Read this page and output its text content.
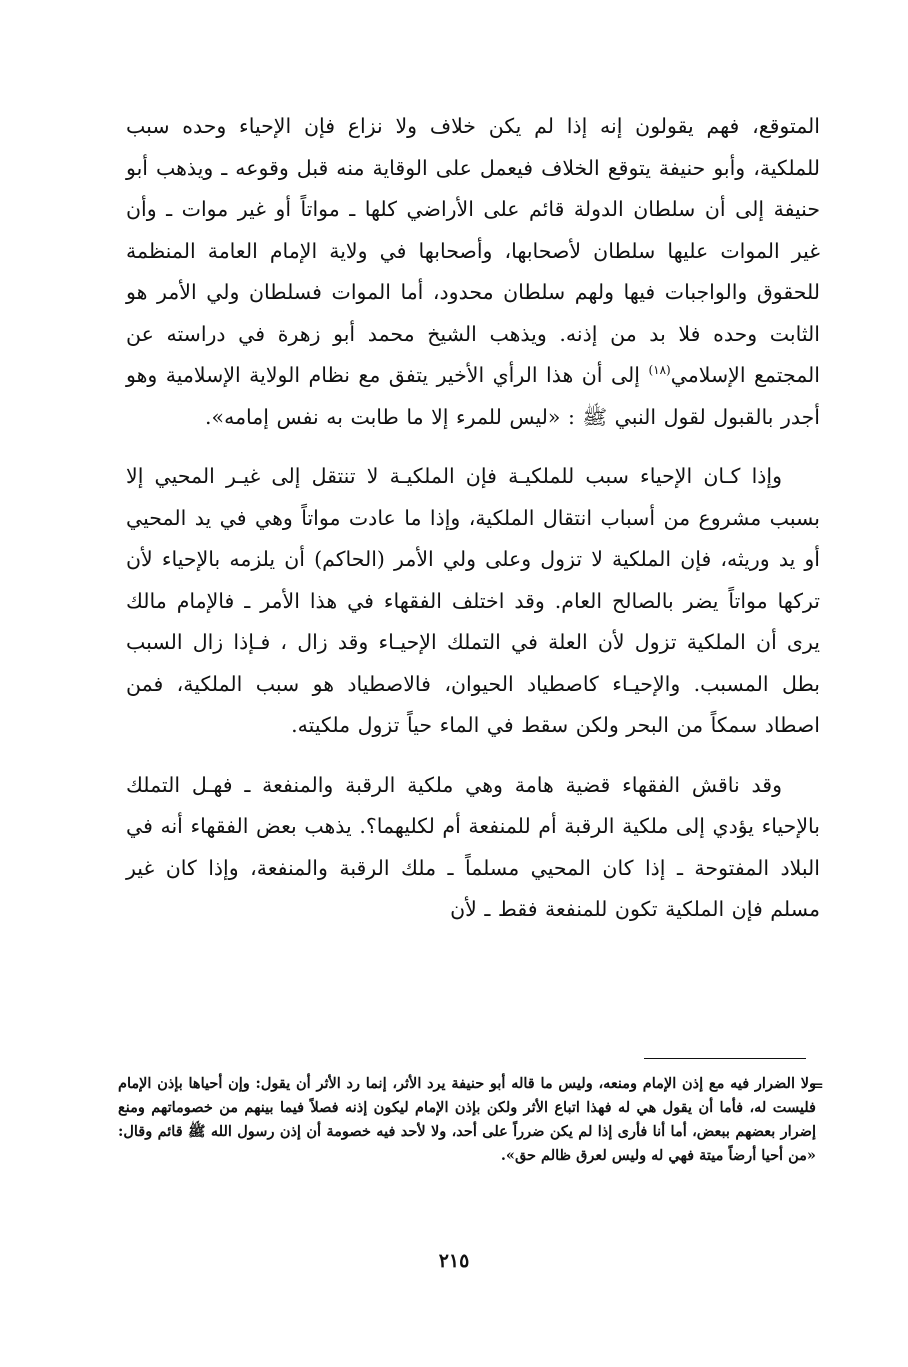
المتوقع، فهم يقولون إنه إذا لم يكن خلاف ولا نزاع فإن الإحياء وحده سبب للملكية، وأبو حنيفة يتوقع الخلاف فيعمل على الوقاية منه قبل وقوعه ـ ويذهب أبو حنيفة إلى أن سلطان الدولة قائم على الأراضي كلها ـ مواتاً أو غير موات ـ وأن غير الموات عليها سلطان لأصحابها، وأصحابها في ولاية الإمام العامة المنظمة للحقوق والواجبات فيها ولهم سلطان محدود، أما الموات فسلطان ولي الأمر هو الثابت وحده فلا بد من إذنه. ويذهب الشيخ محمد أبو زهرة في دراسته عن المجتمع الإسلامي$^{(١٨)}$ إلى أن هذا الرأي الأخير يتفق مع نظام الولاية الإسلامية وهو أجدر بالقبول لقول النبي ﷺ : «ليس للمرء إلا ما طابت به نفس إمامه».

وإذا كـان الإحياء سبب للملكيـة فإن الملكيـة لا تنتقل إلى غيـر المحيي إلا بسبب مشروع من أسباب انتقال الملكية، وإذا ما عادت مواتاً وهي في يد المحيي أو يد وريثه، فإن الملكية لا تزول وعلى ولي الأمر (الحاكم) أن يلزمه بالإحياء لأن تركها مواتاً يضر بالصالح العام. وقد اختلف الفقهاء في هذا الأمر ـ فالإمام مالك يرى أن الملكية تزول لأن العلة في التملك الإحيـاء وقد زال ، فـإذا زال السبب بطل المسبب. والإحيـاء كاصطياد الحيوان، فالاصطياد هو سبب الملكية، فمن اصطاد سمكاً من البحر ولكن سقط في الماء حياً تزول ملكيته.

وقد ناقش الفقهاء قضية هامة وهي ملكية الرقبة والمنفعة ـ فهـل التملك بالإحياء يؤدي إلى ملكية الرقبة أم للمنفعة أم لكليهما؟. يذهب بعض الفقهاء أنه في البلاد المفتوحة ـ إذا كان المحيي مسلماً ـ ملك الرقبة والمنفعة، وإذا كان غير مسلم فإن الملكية تكون للمنفعة فقط ـ لأن

=
ولا الضرار فيه مع إذن الإمام ومنعه، وليس ما قاله أبو حنيفة يرد الأثر، إنما رد الأثر أن يقول: وإن أحياها بإذن الإمام فليست له، فأما أن يقول هي له فهذا اتباع الأثر ولكن بإذن الإمام ليكون إذنه فصلاً فيما بينهم من خصوماتهم ومنع إضرار بعضهم ببعض، أما أنا فأرى إذا لم يكن ضرراً على أحد، ولا لأحد فيه خصومة أن إذن رسول الله ﷺ قائم وقال: «من أحيا أرضاً ميتة فهي له وليس لعرق ظالم حق».
٢١٥
